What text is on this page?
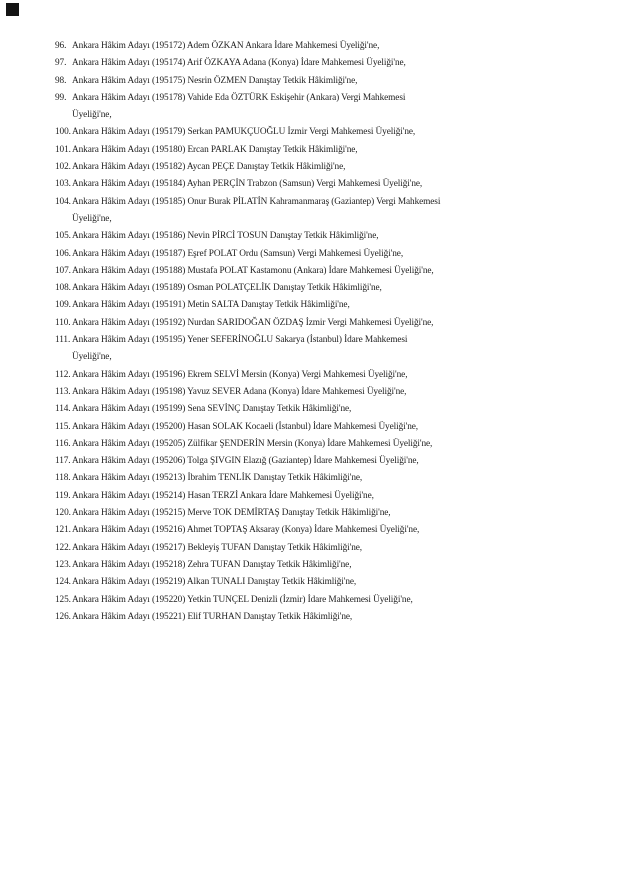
96. Ankara Hâkim Adayı (195172) Adem ÖZKAN Ankara İdare Mahkemesi Üyeliği'ne,
97. Ankara Hâkim Adayı (195174) Arif ÖZKAYA Adana (Konya) İdare Mahkemesi Üyeliği'ne,
98. Ankara Hâkim Adayı (195175) Nesrin ÖZMEN Danıştay Tetkik Hâkimliği'ne,
99. Ankara Hâkim Adayı (195178) Vahide Eda ÖZTÜRK Eskişehir (Ankara) Vergi Mahkemesi
Üyeliği'ne,
100.Ankara Hâkim Adayı (195179) Serkan PAMUKÇUOĞLU İzmir Vergi Mahkemesi Üyeliği'ne,
101.Ankara Hâkim Adayı (195180) Ercan PARLAK Danıştay Tetkik Hâkimliği'ne,
102.Ankara Hâkim Adayı (195182) Aycan PEÇE Danıştay Tetkik Hâkimliği'ne,
103.Ankara Hâkim Adayı (195184) Ayhan PERÇİN Trabzon (Samsun) Vergi Mahkemesi Üyeliği'ne,
104.Ankara Hâkim Adayı (195185) Onur Burak PİLATİN Kahramanmaraş (Gaziantep) Vergi Mahkemesi
Üyeliği'ne,
105.Ankara Hâkim Adayı (195186) Nevin PİRCİ TOSUN Danıştay Tetkik Hâkimliği'ne,
106.Ankara Hâkim Adayı (195187) Eşref POLAT Ordu (Samsun) Vergi Mahkemesi Üyeliği'ne,
107.Ankara Hâkim Adayı (195188) Mustafa POLAT Kastamonu (Ankara) İdare Mahkemesi Üyeliği'ne,
108.Ankara Hâkim Adayı (195189) Osman POLATÇELİK Danıştay Tetkik Hâkimliği'ne,
109.Ankara Hâkim Adayı (195191) Metin SALTA Danıştay Tetkik Hâkimliği'ne,
110.Ankara Hâkim Adayı (195192) Nurdan SARIDOĞAN ÖZDAŞ İzmir Vergi Mahkemesi Üyeliği'ne,
111. Ankara Hâkim Adayı (195195) Yener SEFERİNOĞLU Sakarya (İstanbul) İdare Mahkemesi
Üyeliği'ne,
112.Ankara Hâkim Adayı (195196) Ekrem SELVİ Mersin (Konya) Vergi Mahkemesi Üyeliği'ne,
113.Ankara Hâkim Adayı (195198) Yavuz SEVER Adana (Konya) İdare Mahkemesi Üyeliği'ne,
114.Ankara Hâkim Adayı (195199) Sena SEVİNÇ Danıştay Tetkik Hâkimliği'ne,
115.Ankara Hâkim Adayı (195200) Hasan SOLAK Kocaeli (İstanbul) İdare Mahkemesi Üyeliği'ne,
116.Ankara Hâkim Adayı (195205) Zülfikar ŞENDERİN Mersin (Konya) İdare Mahkemesi Üyeliği'ne,
117.Ankara Hâkim Adayı (195206) Tolga ŞIVGIN Elazığ (Gaziantep) İdare Mahkemesi Üyeliği'ne,
118.Ankara Hâkim Adayı (195213) İbrahim TENLİK Danıştay Tetkik Hâkimliği'ne,
119.Ankara Hâkim Adayı (195214) Hasan TERZİ Ankara İdare Mahkemesi Üyeliği'ne,
120.Ankara Hâkim Adayı (195215) Merve TOK DEMİRTAŞ Danıştay Tetkik Hâkimliği'ne,
121.Ankara Hâkim Adayı (195216) Ahmet TOPTAŞ Aksaray (Konya) İdare Mahkemesi Üyeliği'ne,
122.Ankara Hâkim Adayı (195217) Bekleyiş TUFAN Danıştay Tetkik Hâkimliği'ne,
123.Ankara Hâkim Adayı (195218) Zehra TUFAN Danıştay Tetkik Hâkimliği'ne,
124.Ankara Hâkim Adayı (195219) Alkan TUNALI Danıştay Tetkik Hâkimliği'ne,
125.Ankara Hâkim Adayı (195220) Yetkin TUNÇEL Denizli (İzmir) İdare Mahkemesi Üyeliği'ne,
126.Ankara Hâkim Adayı (195221) Elif TURHAN Danıştay Tetkik Hâkimliği'ne,
